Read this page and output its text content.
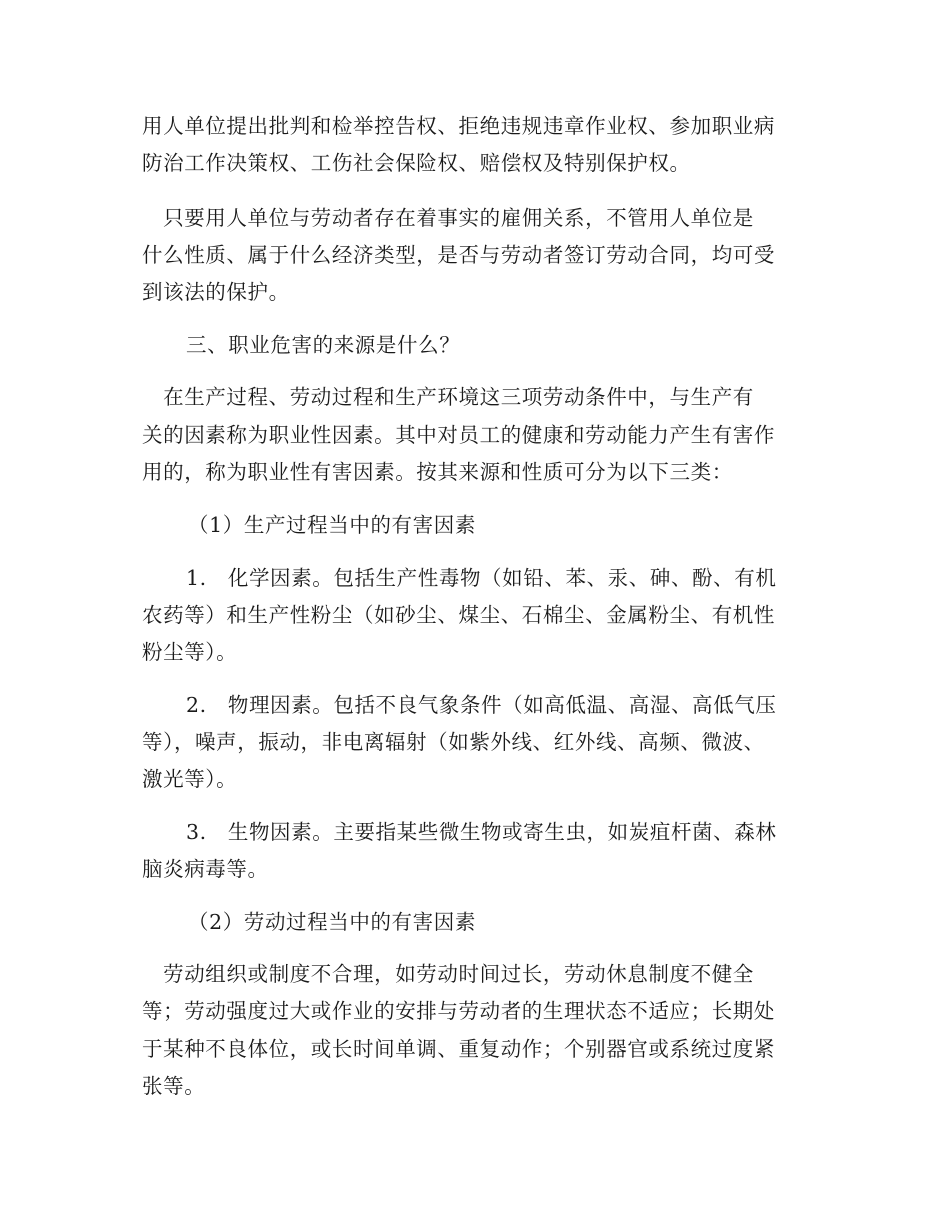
用人单位提出批判和检举控告权、拒绝违规违章作业权、参加职业病
防治工作决策权、工伤社会保险权、赔偿权及特别保护权。
　只要用人单位与劳动者存在着事实的雇佣关系，不管用人单位是
什么性质、属于什么经济类型，是否与劳动者签订劳动合同，均可受
到该法的保护。
三、职业危害的来源是什么？
　在生产过程、劳动过程和生产环境这三项劳动条件中，与生产有
关的因素称为职业性因素。其中对员工的健康和劳动能力产生有害作
用的，称为职业性有害因素。按其来源和性质可分为以下三类：
（1）生产过程当中的有害因素
1.　化学因素。包括生产性毒物（如铅、苯、汞、砷、酚、有机
农药等）和生产性粉尘（如砂尘、煤尘、石棉尘、金属粉尘、有机性
粉尘等）。
2.　物理因素。包括不良气象条件（如高低温、高湿、高低气压
等），噪声，振动，非电离辐射（如紫外线、红外线、高频、微波、
激光等）。
3.　生物因素。主要指某些微生物或寄生虫，如炭疽杆菌、森林
脑炎病毒等。
（2）劳动过程当中的有害因素
　劳动组织或制度不合理，如劳动时间过长，劳动休息制度不健全
等；劳动强度过大或作业的安排与劳动者的生理状态不适应；长期处
于某种不良体位，或长时间单调、重复动作；个别器官或系统过度紧
张等。
